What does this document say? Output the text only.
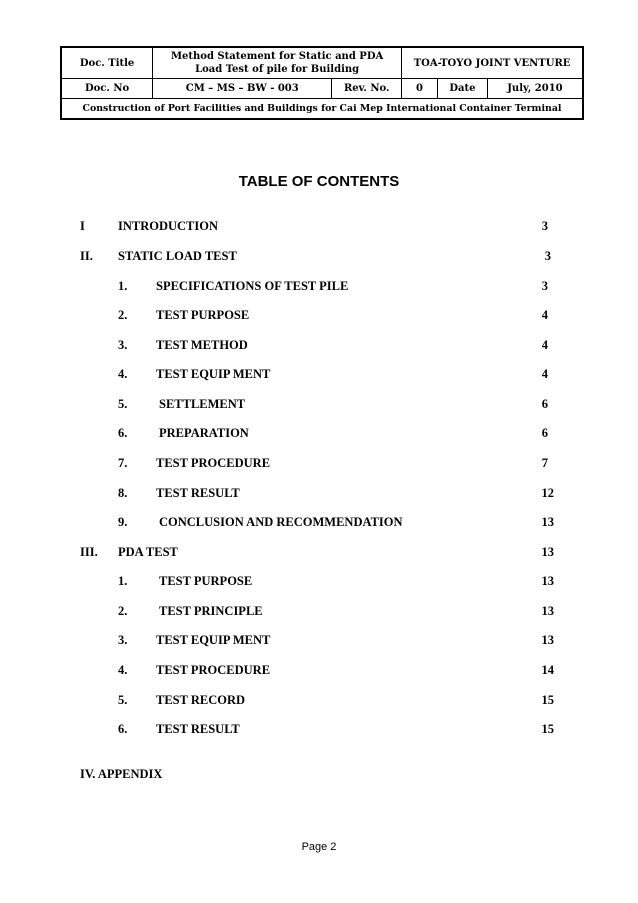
Doc. Title	Method Statement for Static and PDA
Load Test of pile for Building		TOA-TOYO JOINT VENTURE		
Doc. No	CM – MS – BW - 003	Rev. No.	0	Date	July, 2010
Construction of Port Facilities and Buildings for Cai Mep International Container Terminal					
TABLE OF CONTENTS
I	INTRODUCTION	3
II. STATIC LOAD TEST	3
1. SPECIFICATIONS OF TEST PILE	3
2. TEST PURPOSE	4
3. TEST METHOD	4
4. TEST EQUIP MENT	4
5.	SETTLEMENT	6
6.	PREPARATION	6
7. TEST PROCEDURE	7
8. TEST RESULT	12
9.	CONCLUSION AND RECOMMENDATION	13
III. PDA TEST	13
1.	TEST PURPOSE	13
2.	TEST PRINCIPLE	13
3. TEST EQUIP MENT	13
4. TEST PROCEDURE	14
5. TEST RECORD	15
6. TEST RESULT	15
IV. APPENDIX
Page 2
